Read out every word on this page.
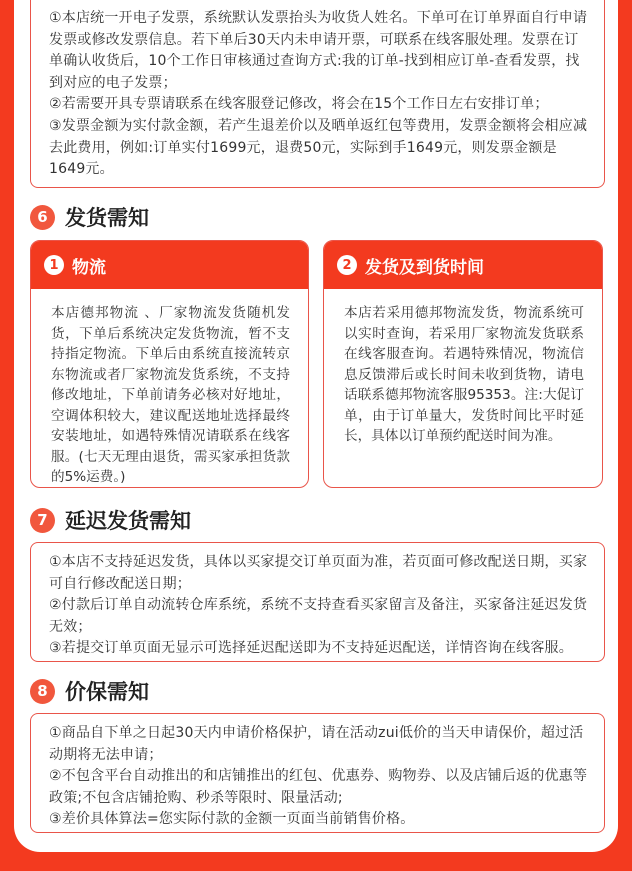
①本店统一开电子发票，系统默认发票抬头为收货人姓名。下单可在订单界面自行申请发票或修改发票信息。若下单后30天内未申请开票，可联系在线客服处理。发票在订单确认收货后，10个工作日审核通过查询方式:我的订单-找到相应订单-查看发票，找到对应的电子发票；

②若需要开具专票请联系在线客服登记修改，将会在15个工作日左右安排订单；

③发票金额为实付款金额，若产生退差价以及晒单返红包等费用，发票金额将会相应减去此费用，例如:订单实付1699元，退费50元，实际到手1649元，则发票金额是1649元。

6 发货需知
1 物流
本店德邦物流 、厂家物流发货随机发货，下单后系统决定发货物流，暂不支持指定物流。下单后由系统直接流转京东物流或者厂家物流发货系统，不支持修改地址，下单前请务必核对好地址，空调体积较大，建议配送地址选择最终安装地址，如遇特殊情况请联系在线客服。(七天无理由退货，需买家承担货款的5%运费。)
2 发货及到货时间
本店若采用德邦物流发货，物流系统可以实时查询，若采用厂家物流发货联系在线客服查询。若遇特殊情况，物流信息反馈滞后或长时间未收到货物，请电话联系德邦物流客服95353。注:大促订单，由于订单量大，发货时间比平时延长，具体以订单预约配送时间为准。
7 延迟发货需知

①本店不支持延迟发货，具体以买家提交订单页面为准，若页面可修改配送日期，买家可自行修改配送日期；

②付款后订单自动流转仓库系统，系统不支持查看买家留言及备注，买家备注延迟发货无效；

③若提交订单页面无显示可选择延迟配送即为不支持延迟配送，详情咨询在线客服。

8 价保需知

①商品自下单之日起30天内申请价格保护，请在活动zui低价的当天申请保价，超过活动期将无法申请；

②不包含平台自动推出的和店铺推出的红包、优惠券、购物券、以及店铺后返的优惠等政策;不包含店铺抢购、秒杀等限时、限量活动;

③差价具体算法=您实际付款的金额一页面当前销售价格。
